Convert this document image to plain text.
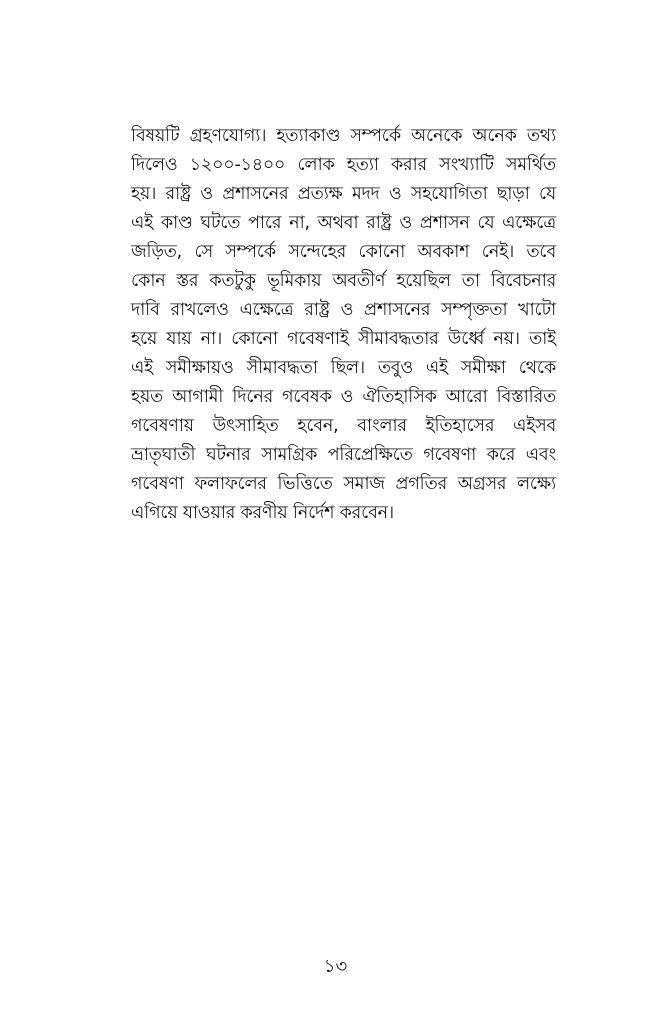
বিষয়টি গ্রহণযোগ্য। হত্যাকাণ্ড সম্পর্কে অনেকে অনেক তথ্য
দিলেও ১২০০-১৪০০ লোক হত্যা করার সংখ্যাটি সমর্থিত
হয়। রাষ্ট্র ও প্রশাসনের প্রত্যক্ষ মদদ ও সহযোগিতা ছাড়া যে
এই কাণ্ড ঘটতে পারে না, অথবা রাষ্ট্র ও প্রশাসন যে এক্ষেত্রে
জড়িত, সে সম্পর্কে সন্দেহের কোনো অবকাশ নেই। তবে
কোন স্তর কতটুকু ভূমিকায় অবতীর্ণ হয়েছিল তা বিবেচনার
দাবি রাখলেও এক্ষেত্রে রাষ্ট্র ও প্রশাসনের সম্পৃক্ততা খাটো
হয়ে যায় না। কোনো গবেষণাই সীমাবদ্ধতার উর্ধ্বে নয়। তাই
এই সমীক্ষায়ও সীমাবদ্ধতা ছিল। তবুও এই সমীক্ষা থেকে
হয়ত আগামী দিনের গবেষক ও ঐতিহাসিক আরো বিস্তারিত
গবেষণায় উৎসাহিত হবেন, বাংলার ইতিহাসের এইসব
ভ্রাতৃঘাতী ঘটনার সামগ্রিক পরিপ্রেক্ষিতে গবেষণা করে এবং
গবেষণা ফলাফলের ভিত্তিতে সমাজ প্রগতির অগ্রসর লক্ষ্যে
এগিয়ে যাওয়ার করণীয় নির্দেশ করবেন।
১৩
